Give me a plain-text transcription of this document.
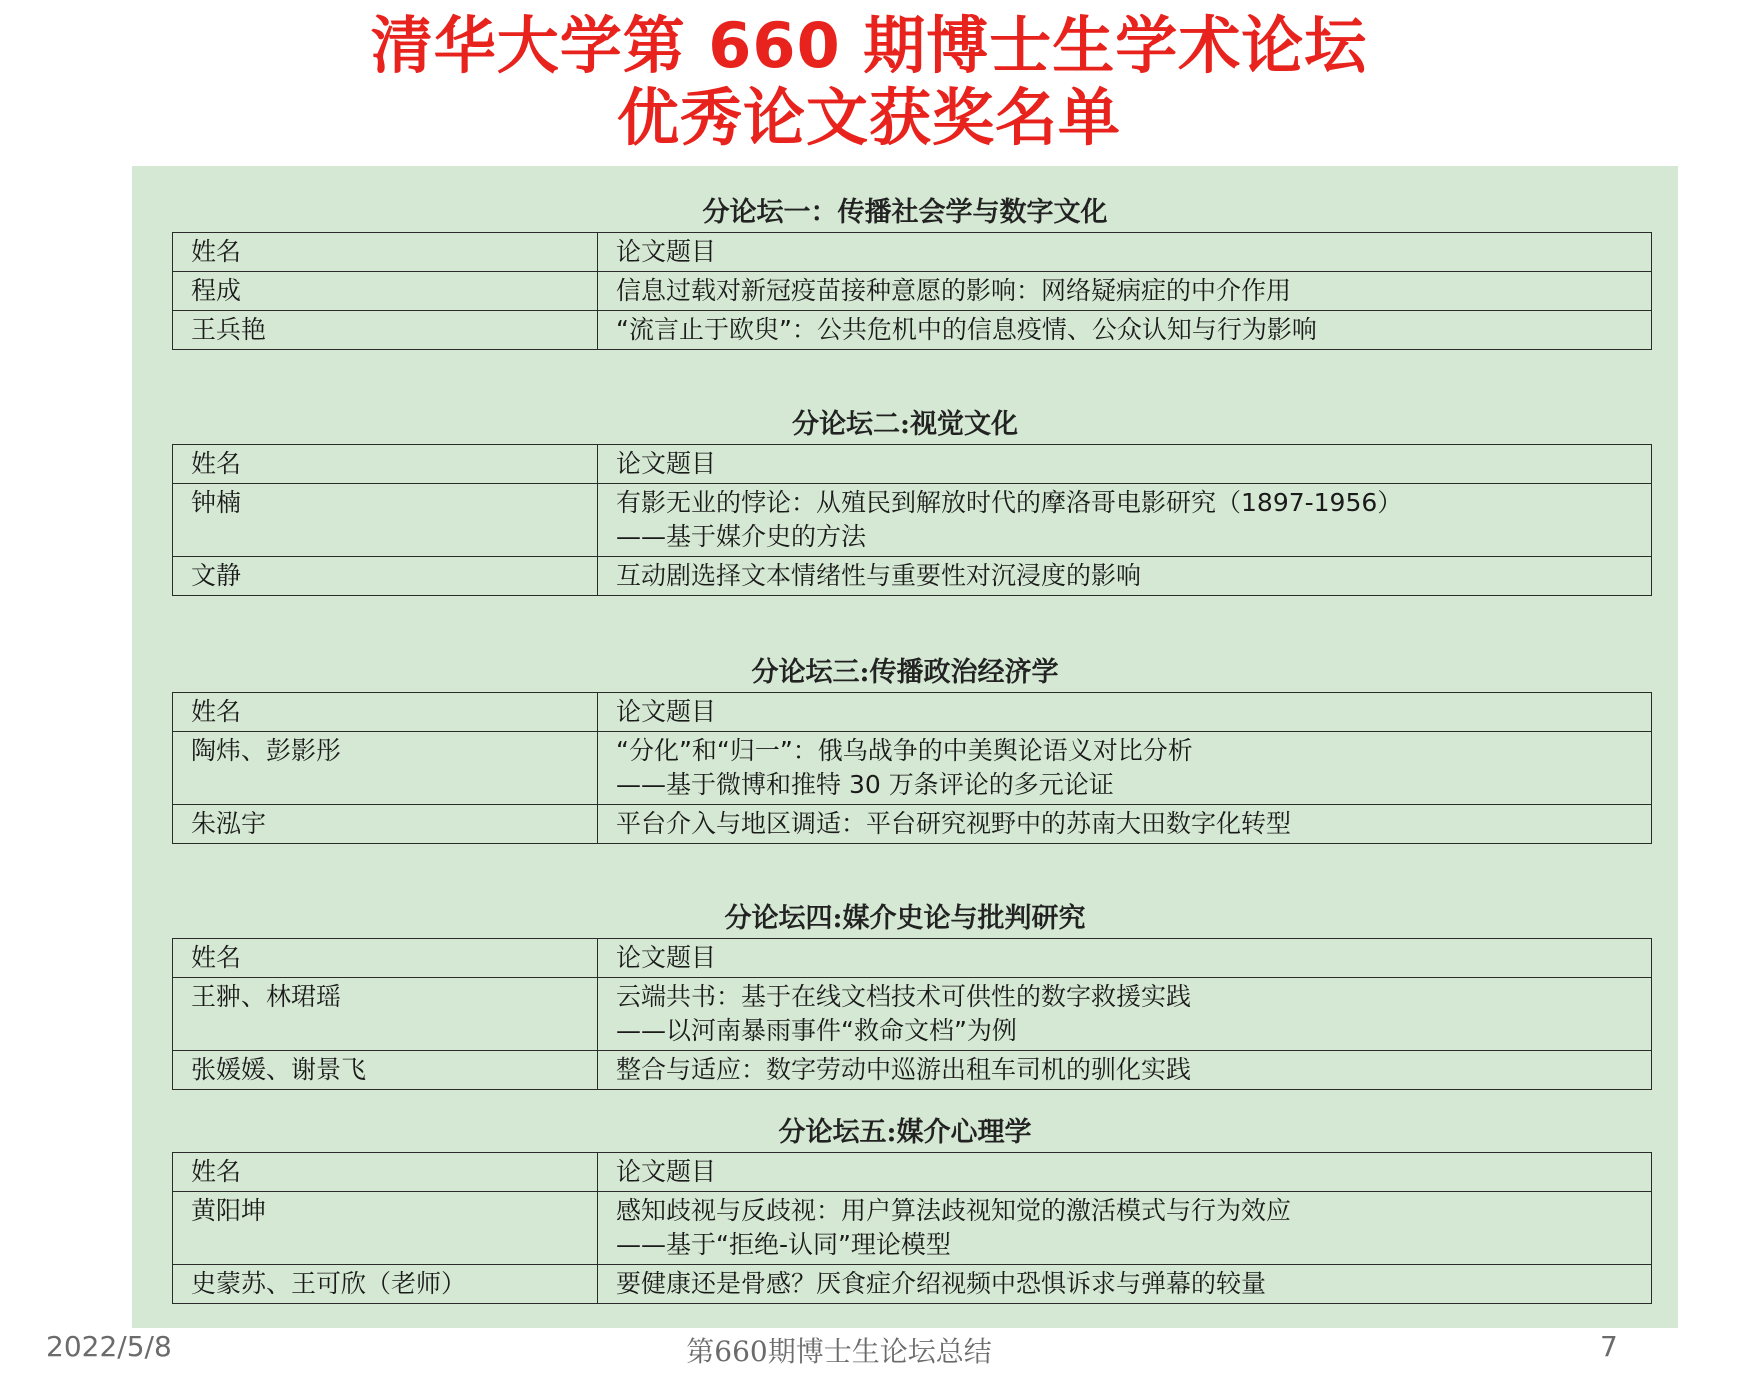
清华大学第 660 期博士生学术论坛
优秀论文获奖名单
分论坛一：传播社会学与数字文化
姓名	论文题目
程成	信息过载对新冠疫苗接种意愿的影响：网络疑病症的中介作用

王兵艳	“流言止于欧臾”：公共危机中的信息疫情、公众认知与行为影响
分论坛二:视觉文化
姓名	论文题目
钟楠	有影无业的悖论：从殖民到解放时代的摩洛哥电影研究（1897-1956）
——基于媒介史的方法

文静	互动剧选择文本情绪性与重要性对沉浸度的影响
分论坛三:传播政治经济学
姓名	论文题目
陶炜、彭影彤	“分化”和“归一”：俄乌战争的中美舆论语义对比分析
——基于微博和推特 30 万条评论的多元论证

朱泓宇	平台介入与地区调适：平台研究视野中的苏南大田数字化转型
分论坛四:媒介史论与批判研究
姓名	论文题目
王翀、林珺瑶	云端共书：基于在线文档技术可供性的数字救援实践
——以河南暴雨事件“救命文档”为例

张媛媛、谢景飞	整合与适应：数字劳动中巡游出租车司机的驯化实践
分论坛五:媒介心理学
姓名	论文题目
黄阳坤	感知歧视与反歧视：用户算法歧视知觉的激活模式与行为效应
——基于“拒绝-认同”理论模型

史蒙苏、王可欣（老师）	要健康还是骨感？厌食症介绍视频中恐惧诉求与弹幕的较量
2022/5/8	第660期博士生论坛总结	7
